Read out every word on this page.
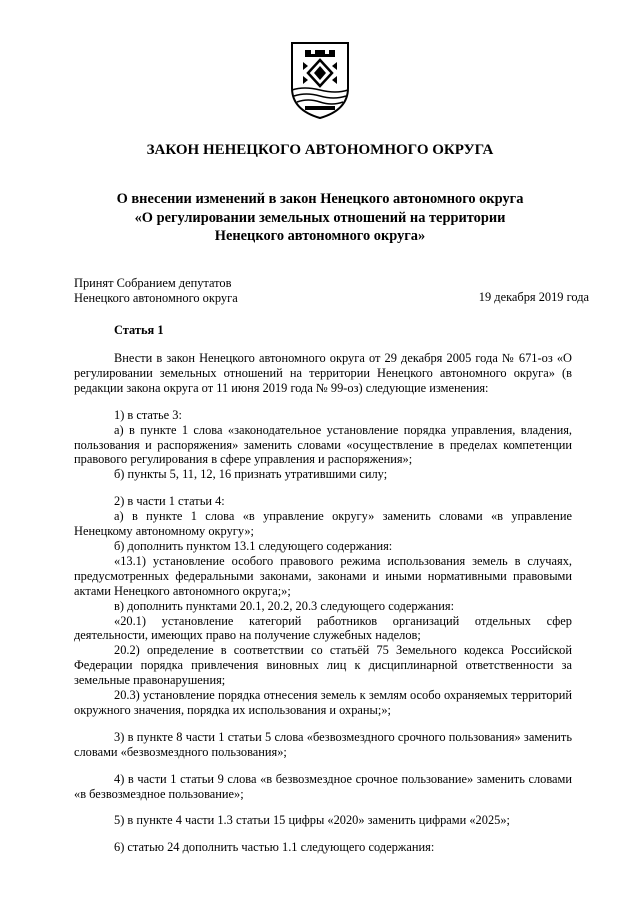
ЗАКОН НЕНЕЦКОГО АВТОНОМНОГО ОКРУГА
О внесении изменений в закон Ненецкого автономного округа
«О регулировании земельных отношений на территории
Ненецкого автономного округа»
Принят Собранием депутатов
Ненецкого автономного округа	19 декабря 2019 года
Статья 1

Внести в закон Ненецкого автономного округа от 29 декабря 2005 года № 671-оз «О регулировании земельных отношений на территории Ненецкого автономного округа» (в редакции закона округа от 11 июня 2019 года № 99-оз) следующие изменения:

1) в статье 3:

а) в пункте 1 слова «законодательное установление порядка управления, владения, пользования и распоряжения» заменить словами «осуществление в пределах компетенции правового регулирования в сфере управления и распоряжения»;

б) пункты 5, 11, 12, 16 признать утратившими силу;

2) в части 1 статьи 4:

а) в пункте 1 слова «в управление округу» заменить словами «в управление Ненецкому автономному округу»;

б) дополнить пунктом 13.1 следующего содержания:

«13.1) установление особого правового режима использования земель в случаях, предусмотренных федеральными законами, законами и иными нормативными правовыми актами Ненецкого автономного округа;»;

в) дополнить пунктами 20.1, 20.2, 20.3 следующего содержания:

«20.1) установление категорий работников организаций отдельных сфер деятельности, имеющих право на получение служебных наделов;

20.2) определение в соответствии со статьёй 75 Земельного кодекса Российской Федерации порядка привлечения виновных лиц к дисциплинарной ответственности за земельные правонарушения;

20.3) установление порядка отнесения земель к землям особо охраняемых территорий окружного значения, порядка их использования и охраны;»;

3) в пункте 8 части 1 статьи 5 слова «безвозмездного срочного пользования» заменить словами «безвозмездного пользования»;

4) в части 1 статьи 9 слова «в безвозмездное срочное пользование» заменить словами «в безвозмездное пользование»;

5) в пункте 4 части 1.3 статьи 15 цифры «2020» заменить цифрами «2025»;

6) статью 24 дополнить частью 1.1 следующего содержания:
